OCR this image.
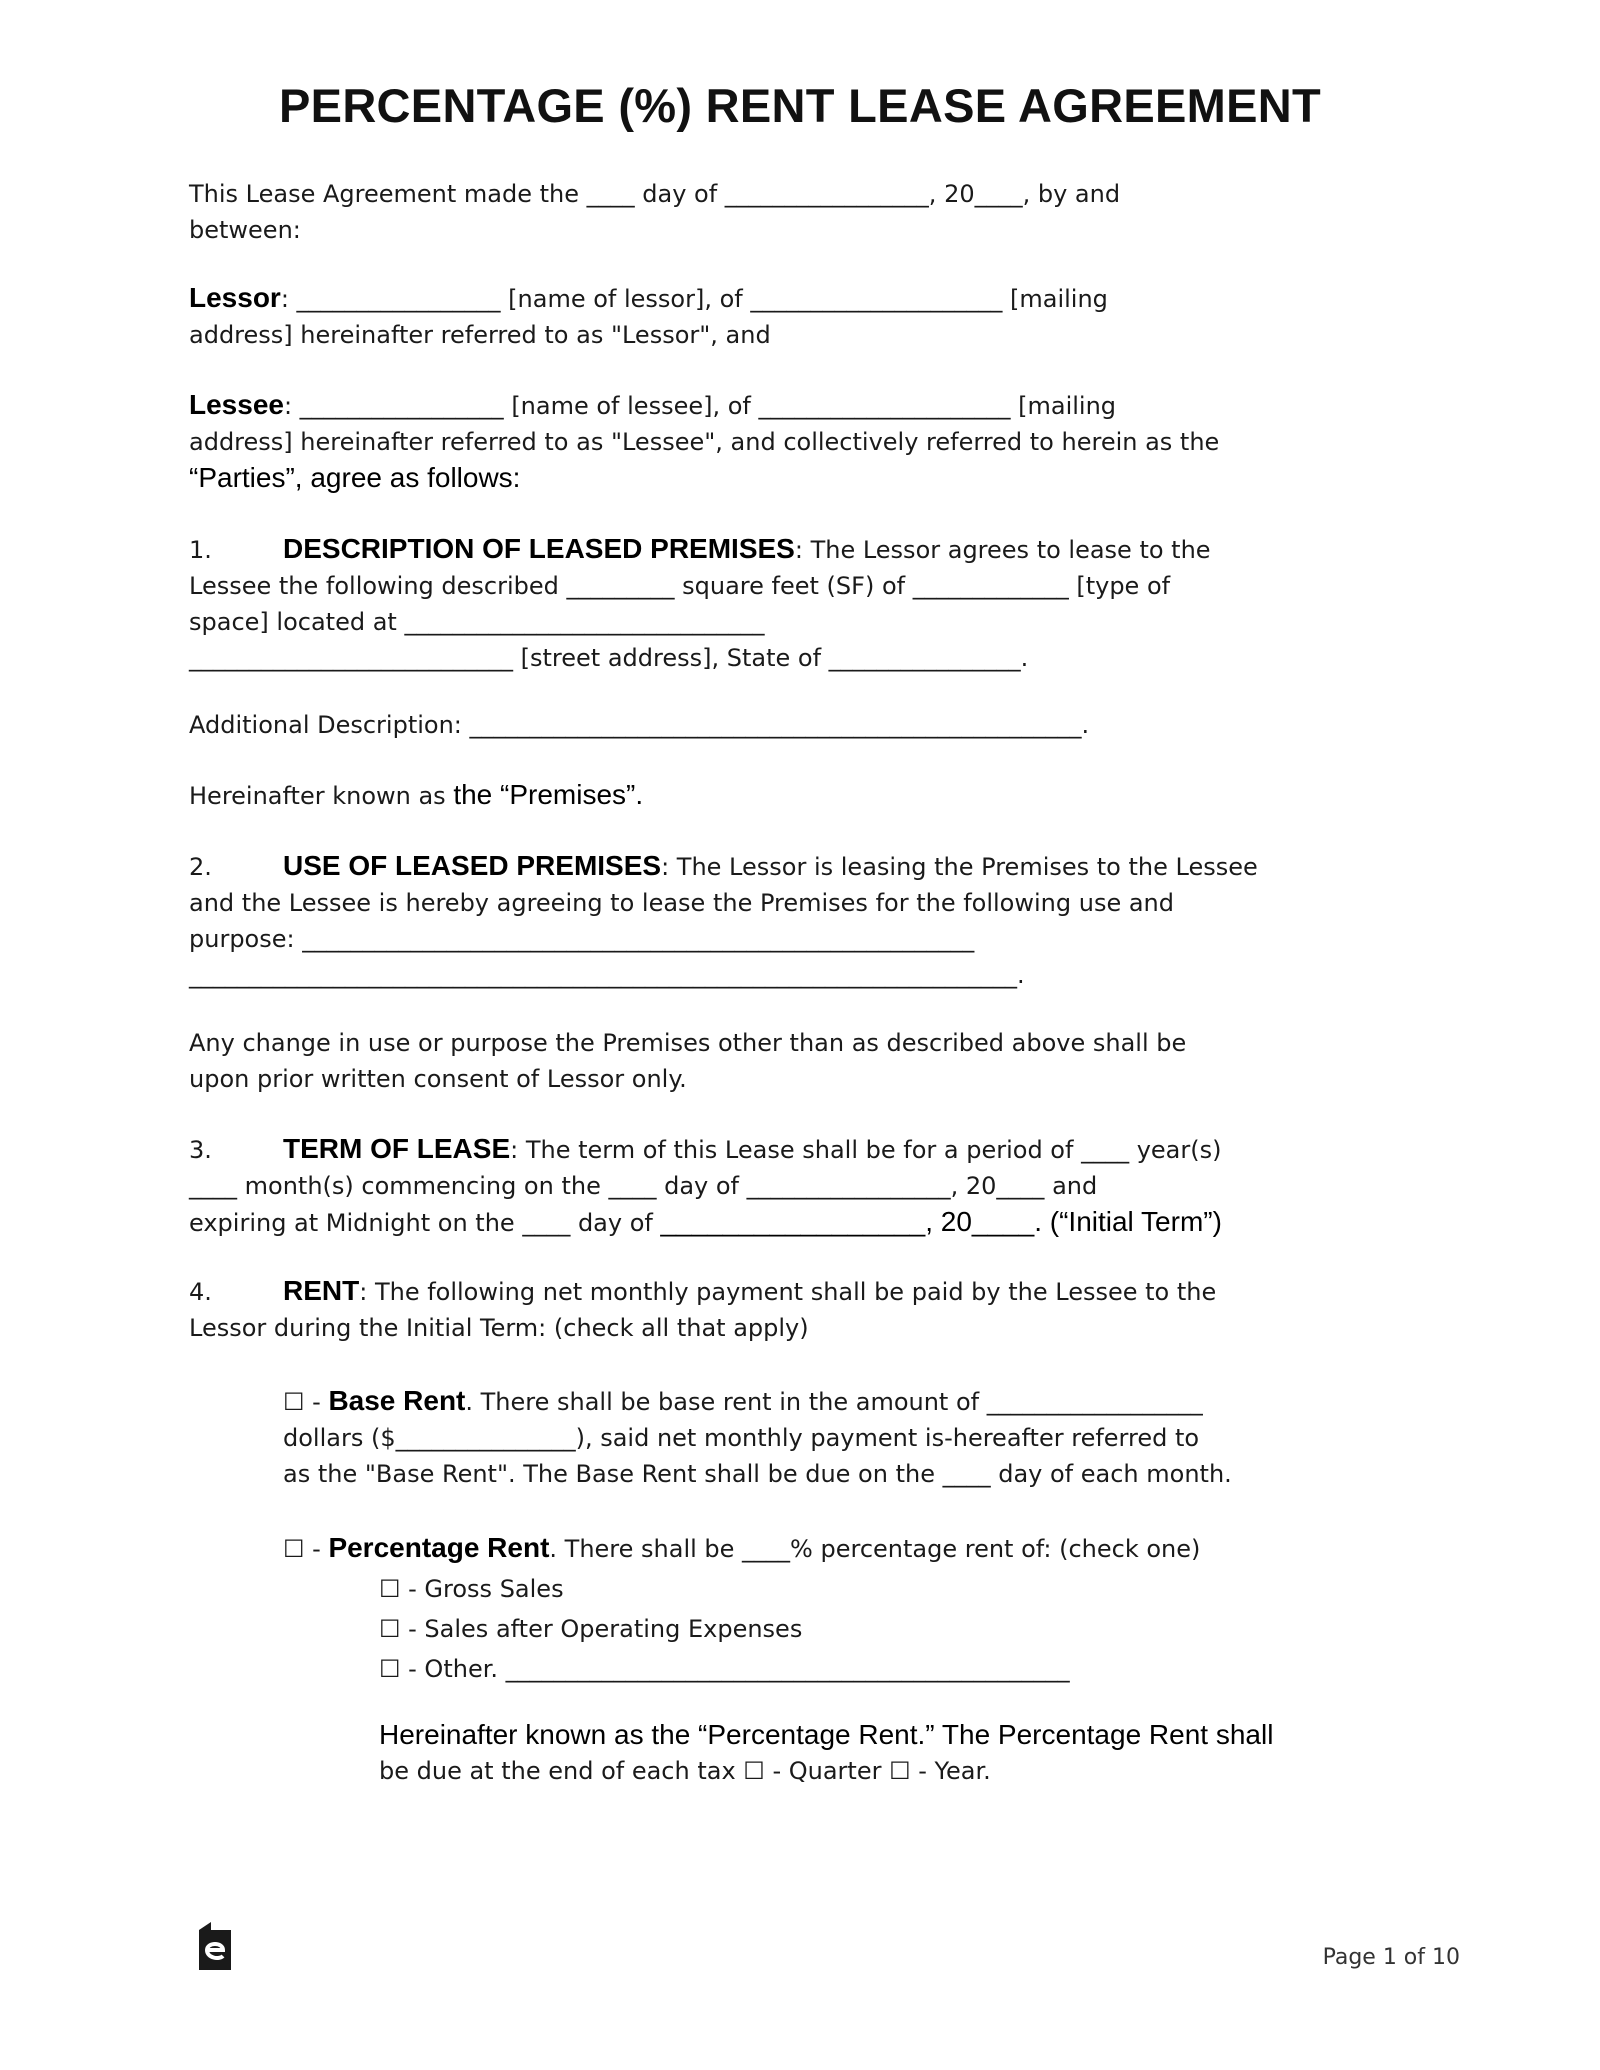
PERCENTAGE (%) RENT LEASE AGREEMENT
This Lease Agreement made the ____ day of _________________, 20____, by and
between:
Lessor: _________________ [name of lessor], of _____________________ [mailing
address] hereinafter referred to as "Lessor", and
Lessee: _________________ [name of lessee], of _____________________ [mailing
address] hereinafter referred to as "Lessee", and collectively referred to herein as the
“Parties”, agree as follows:
1.	DESCRIPTION OF LEASED PREMISES: The Lessor agrees to lease to the
Lessee the following described _________ square feet (SF) of _____________ [type of
space] located at ______________________________
___________________________ [street address], State of ________________.
Additional Description: ___________________________________________________.
Hereinafter known as the “Premises”.
2.	USE OF LEASED PREMISES: The Lessor is leasing the Premises to the Lessee
and the Lessee is hereby agreeing to lease the Premises for the following use and
purpose: ________________________________________________________
_____________________________________________________________________.
Any change in use or purpose the Premises other than as described above shall be
upon prior written consent of Lessor only.
3.	TERM OF LEASE: The term of this Lease shall be for a period of ____ year(s)
____ month(s) commencing on the ____ day of _________________, 20____ and
expiring at Midnight on the ____ day of _________________, 20____. (“Initial Term”)
4.	RENT: The following net monthly payment shall be paid by the Lessee to the
Lessor during the Initial Term: (check all that apply)
☐ - Base Rent. There shall be base rent in the amount of __________________
dollars ($_______________), said net monthly payment is-hereafter referred to
as the "Base Rent". The Base Rent shall be due on the ____ day of each month.
☐ - Percentage Rent. There shall be ____% percentage rent of: (check one)
☐ - Gross Sales
☐ - Sales after Operating Expenses
☐ - Other. _______________________________________________
Hereinafter known as the “Percentage Rent.” The Percentage Rent shall
be due at the end of each tax ☐ - Quarter ☐ - Year.
Page 1 of 10
